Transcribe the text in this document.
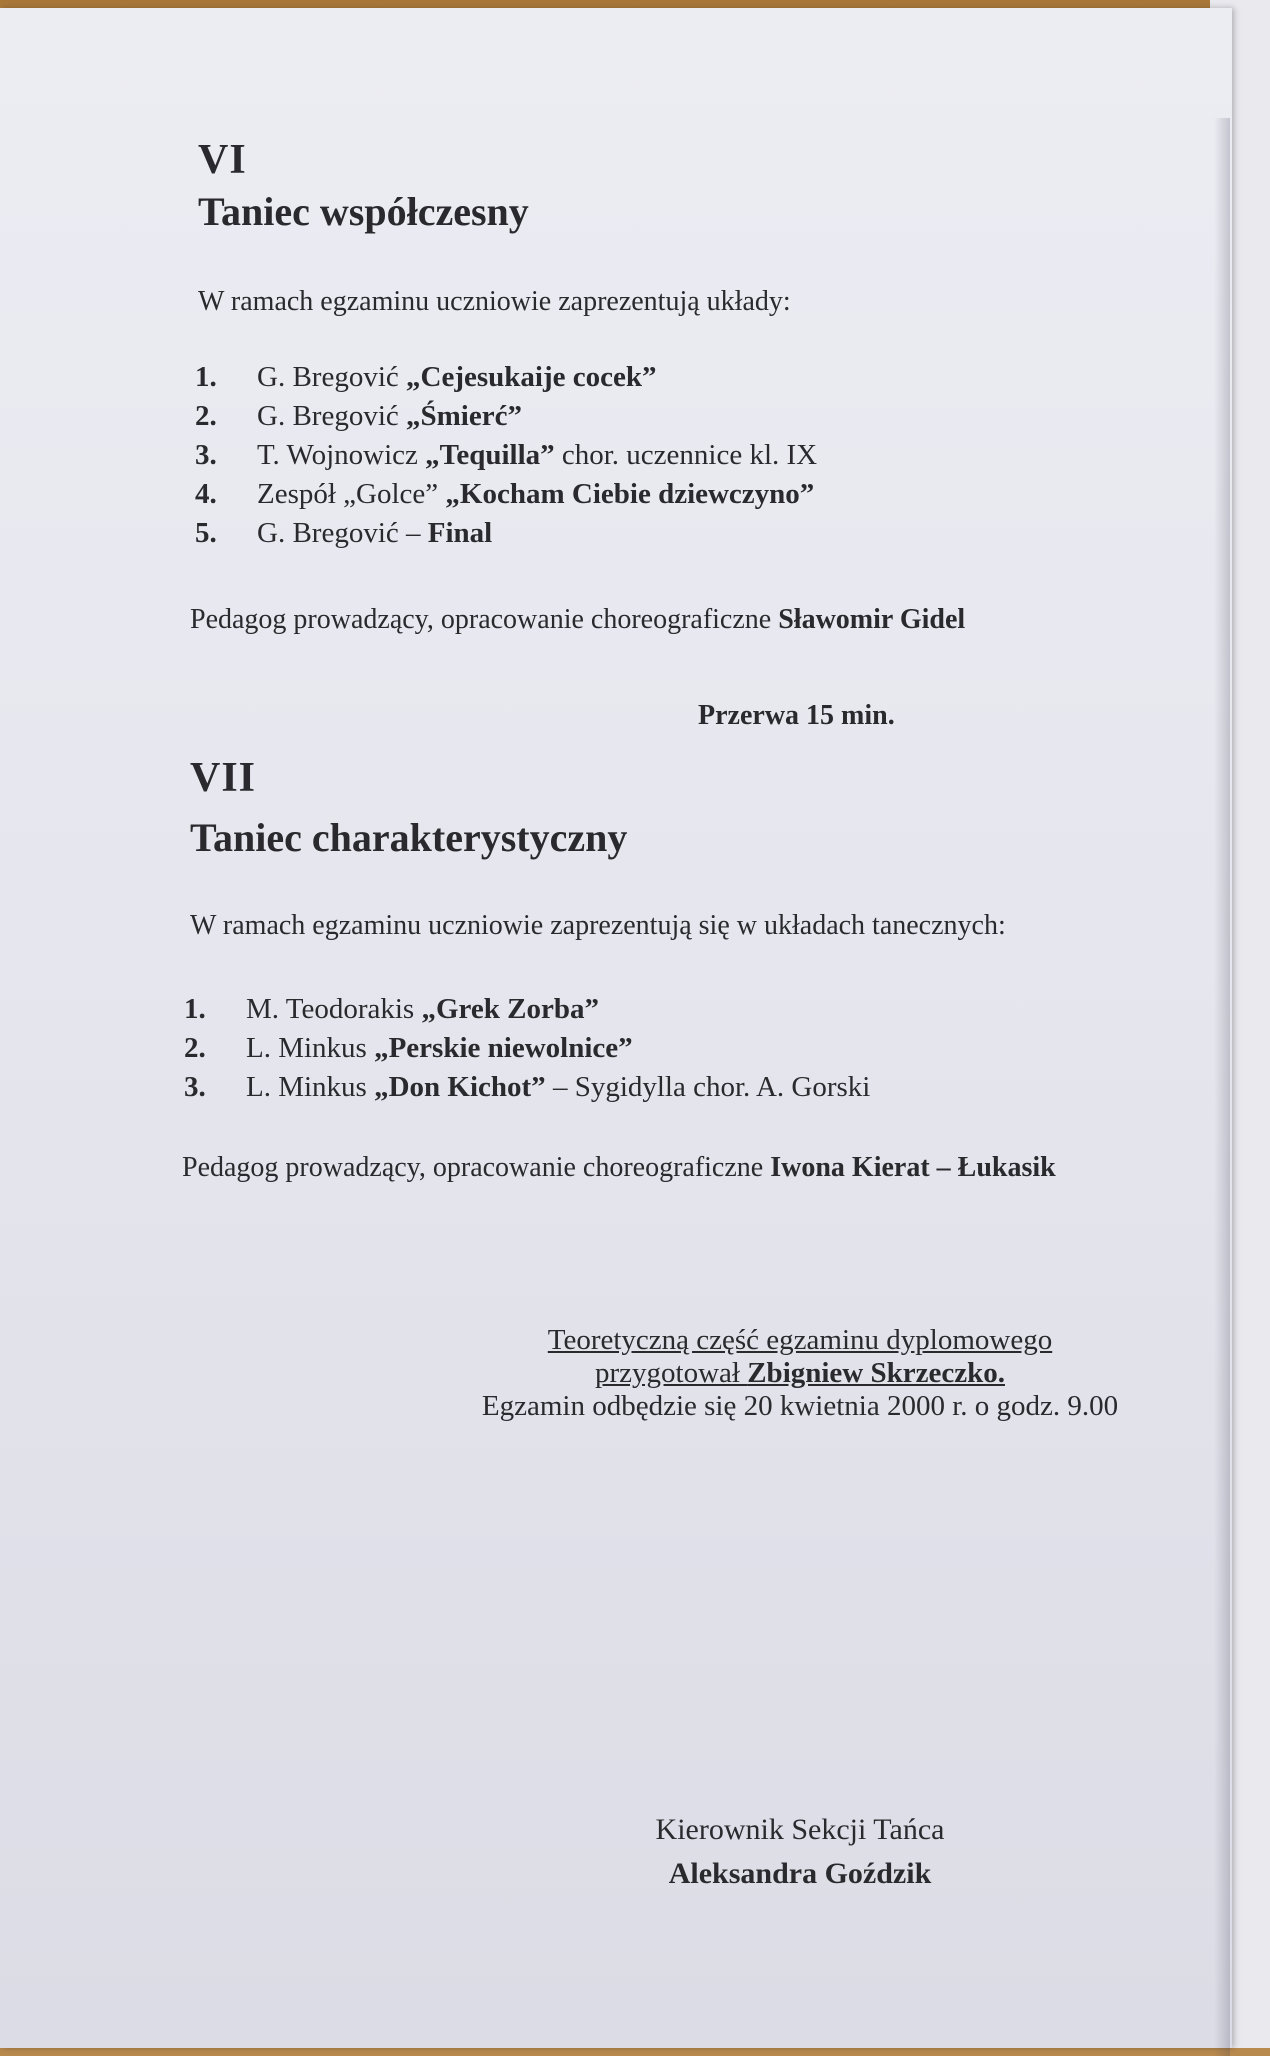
VI
Taniec współczesny
W ramach egzaminu uczniowie zaprezentują układy:
1. G. Bregović „Cejesukaije cocek”
2. G. Bregović „Śmierć”
3. T. Wojnowicz „Tequilla” chor. uczennice kl. IX
4. Zespół „Golce” „Kocham Ciebie dziewczyno”
5. G. Bregović – Final
Pedagog prowadzący, opracowanie choreograficzne Sławomir Gidel
Przerwa 15 min.
VII
Taniec charakterystyczny
W ramach egzaminu uczniowie zaprezentują się w układach tanecznych:
1. M. Teodorakis „Grek Zorba”
2. L. Minkus „Perskie niewolnice”
3. L. Minkus „Don Kichot” – Sygidylla chor. A. Gorski
Pedagog prowadzący, opracowanie choreograficzne Iwona Kierat – Łukasik
Teoretyczną część egzaminu dyplomowego
przygotował Zbigniew Skrzeczko.
Egzamin odbędzie się 20 kwietnia 2000 r. o godz. 9.00
Kierownik Sekcji Tańca
Aleksandra Goździk
